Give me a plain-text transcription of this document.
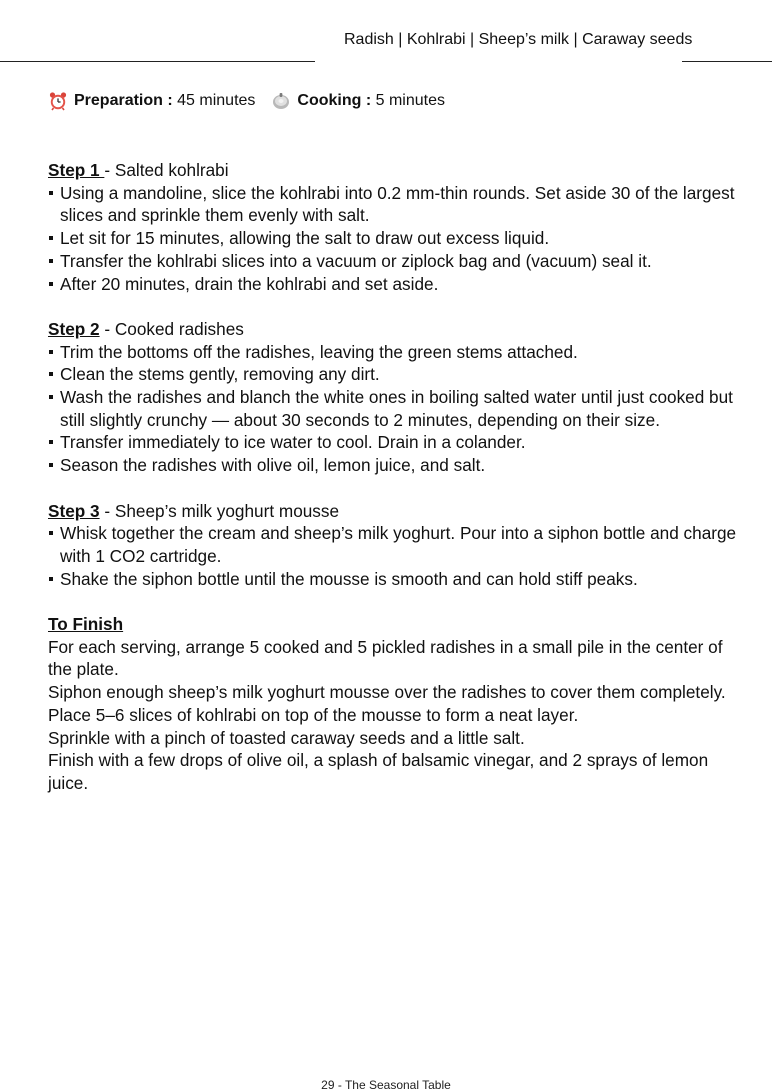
Radish | Kohlrabi | Sheep’s milk | Caraway seeds
Preparation :
45 minutes	Cooking :
5 minutes

Step 1 - Salted kohlrabi

Using a mandoline, slice the kohlrabi into 0.2 mm-thin rounds. Set aside 30 of the largest slices and sprinkle them evenly with salt.
Let sit for 15 minutes, allowing the salt to draw out excess liquid.
Transfer the kohlrabi slices into a vacuum or ziplock bag and (vacuum) seal it.
After 20 minutes, drain the kohlrabi and set aside.

Step 2 - Cooked radishes

Trim the bottoms off the radishes, leaving the green stems attached.
Clean the stems gently, removing any dirt.
Wash the radishes and blanch the white ones in boiling salted water until just cooked but still slightly crunchy — about 30 seconds to 2 minutes, depending on their size.
Transfer immediately to ice water to cool. Drain in a colander.
Season the radishes with olive oil, lemon juice, and salt.

Step 3 - Sheep’s milk yoghurt mousse

Whisk together the cream and sheep’s milk yoghurt. Pour into a siphon bottle and charge with 1 CO2 cartridge.
Shake the siphon bottle until the mousse is smooth and can hold stiff peaks.

To Finish

For each serving, arrange 5 cooked and 5 pickled radishes in a small pile in the center of the plate.

Siphon enough sheep’s milk yoghurt mousse over the radishes to cover them completely.

Place 5–6 slices of kohlrabi on top of the mousse to form a neat layer.

Sprinkle with a pinch of toasted caraway seeds and a little salt.

Finish with a few drops of olive oil, a splash of balsamic vinegar, and 2 sprays of lemon juice.

29 - The Seasonal Table
